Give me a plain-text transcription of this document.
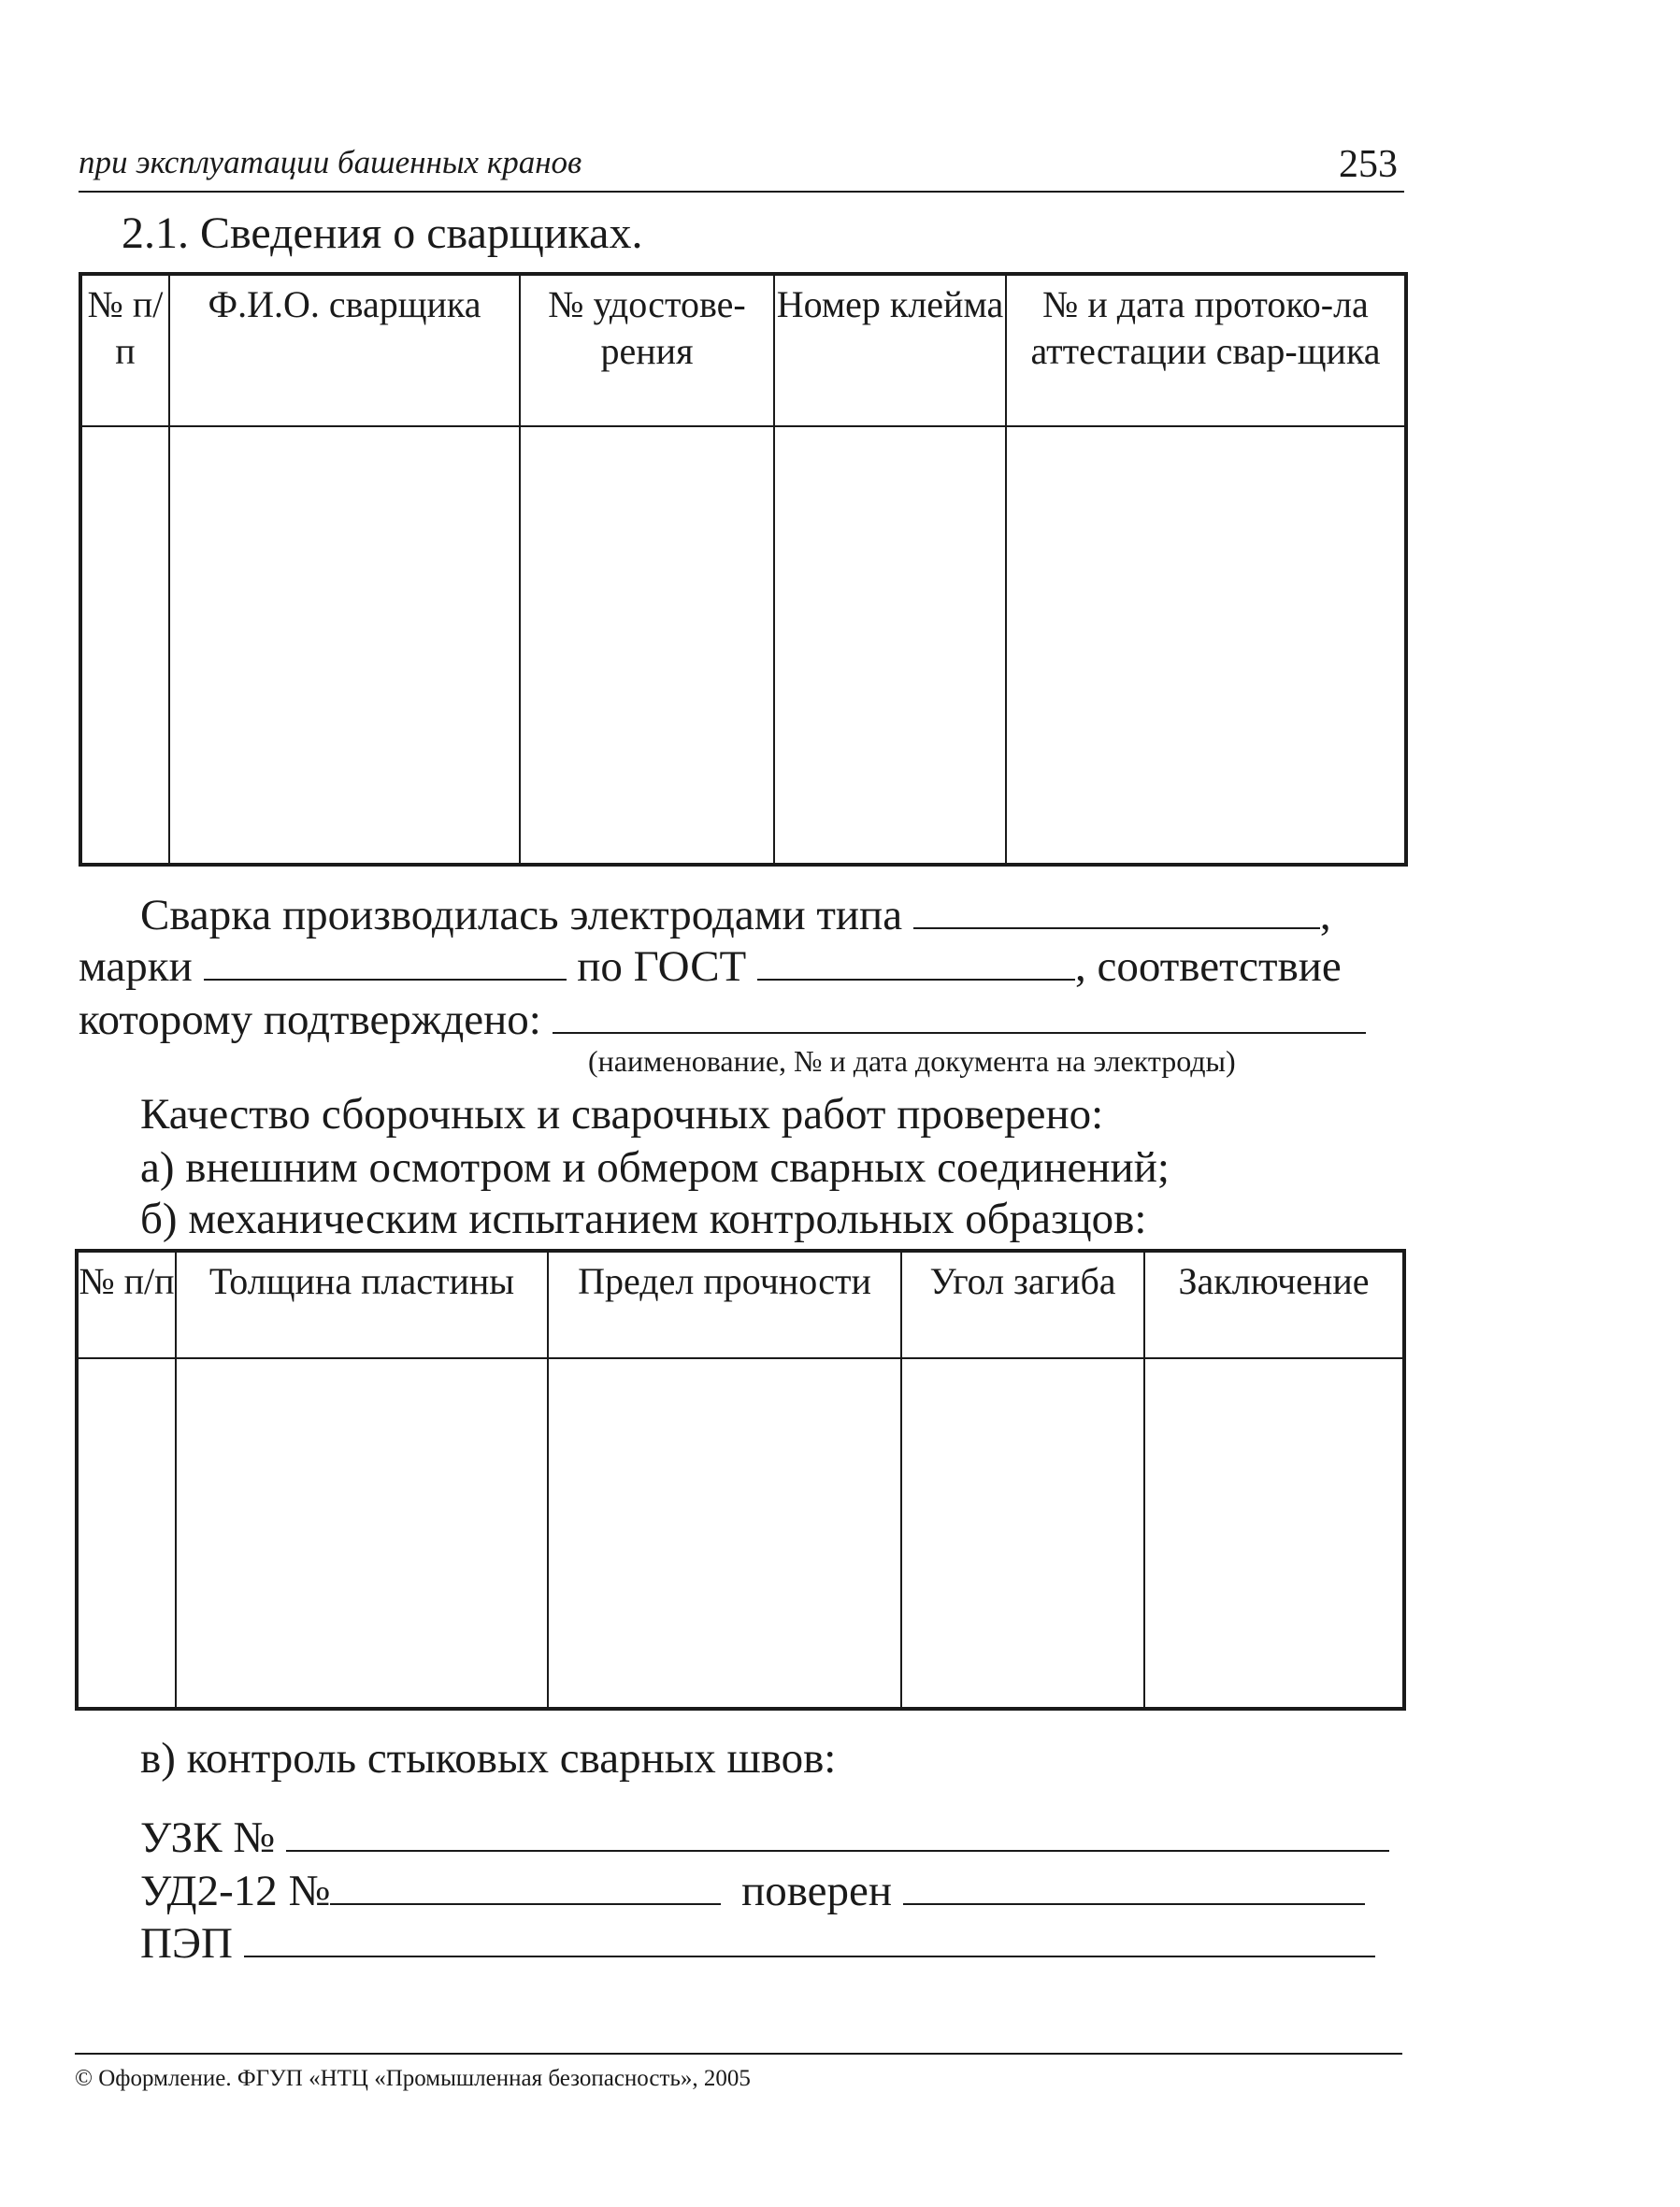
при эксплуатации башенных кранов	253
2.1. Сведения о сварщиках.
№ п/п	Ф.И.О. сварщика	№ удостове-рения	Номер клейма	№ и дата протоко-ла аттестации свар-щика

Сварка производилась электродами типа	,
марки	по ГОСТ	, соответствие
которому подтверждено:
(наименование, № и дата документа на электроды)
Качество сборочных и сварочных работ проверено:
а) внешним осмотром и обмером сварных соединений;
б) механическим испытанием контрольных образцов:
№ п/п	Толщина пластины	Предел прочности	Угол загиба	Заключение

в) контроль стыковых сварных швов:
УЗК №
УД2-12 №	поверен
ПЭП
© Оформление. ФГУП «НТЦ «Промышленная безопасность», 2005
